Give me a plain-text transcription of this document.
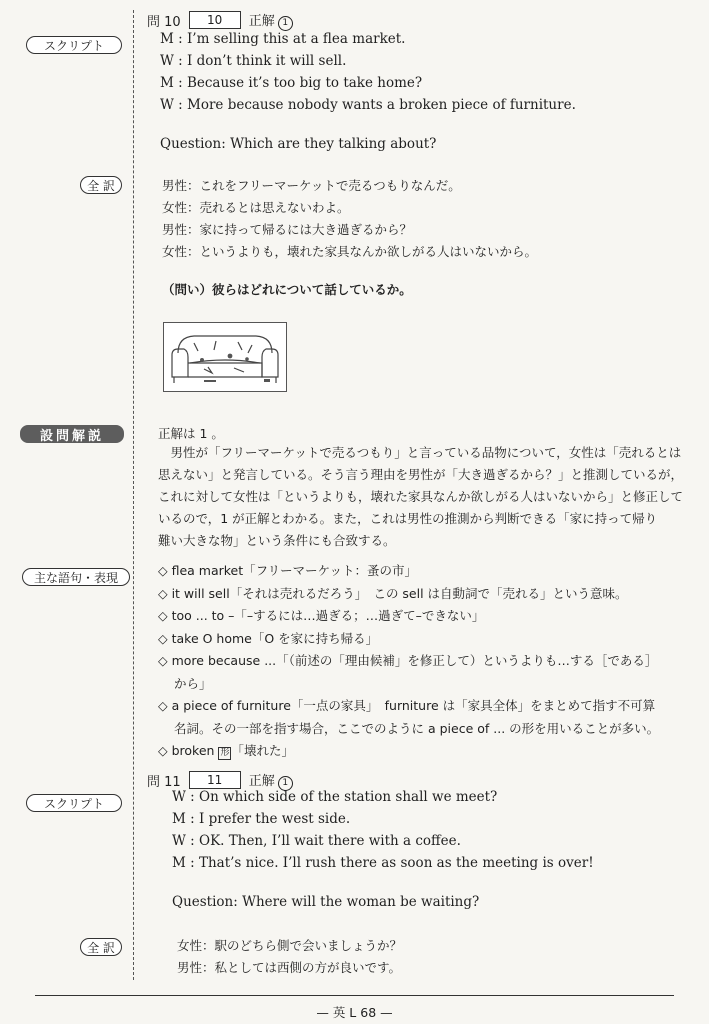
問 10	10	正解 1
スクリプト	M : I’m selling this at a flea market.
W : I don’t think it will sell.
M : Because it’s too big to take home?
W : More because nobody wants a broken piece of furniture.
Question: Which are they talking about?
全 訳	男性：これをフリーマーケットで売るつもりなんだ。
女性：売れるとは思えないわよ。
男性：家に持って帰るには大き過ぎるから？
女性：というよりも，壊れた家具なんか欲しがる人はいないから。
（問い）彼らはどれについて話しているか。
設問解説	正解は 1 。
　男性が「フリーマーケットで売るつもり」と言っている品物について，女性は「売れるとは
思えない」と発言している。そう言う理由を男性が「大き過ぎるから？」と推測しているが，
これに対して女性は「というよりも，壊れた家具なんか欲しがる人はいないから」と修正して
いるので，1 が正解とわかる。また，これは男性の推測から判断できる「家に持って帰り
難い大きな物」という条件にも合致する。
主な語句・表現	◇ flea market「フリーマーケット：蚤の市」
◇ it will sell「それは売れるだろう」　この sell は自動詞で「売れる」という意味。
◇ too ... to –「–するには…過ぎる；…過ぎて–できない」
◇ take O home「O を家に持ち帰る」
◇ more because ...「（前述の「理由候補」を修正して）というよりも…する［である］
から」
◇ a piece of furniture「一点の家具」　furniture は「家具全体」をまとめて指す不可算
名詞。その一部を指す場合，ここでのように a piece of ... の形を用いることが多い。
◇ broken 形 「壊れた」
問 11	11	正解 1
スクリプト	W : On which side of the station shall we meet?
M : I prefer the west side.
W : OK. Then, I’ll wait there with a coffee.
M : That’s nice. I’ll rush there as soon as the meeting is over!
Question: Where will the woman be waiting?
全 訳	女性：駅のどちら側で会いましょうか？
男性：私としては西側の方が良いです。
— 英 L 68 —
